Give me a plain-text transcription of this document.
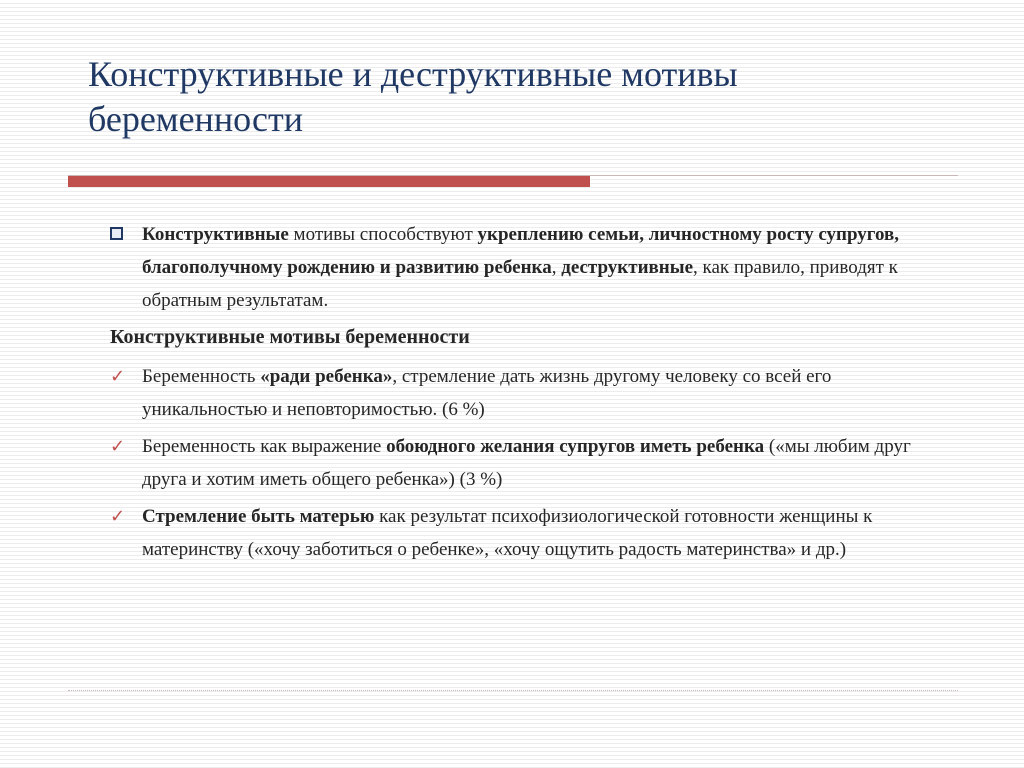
Конструктивные и деструктивные мотивы беременности
Конструктивные мотивы способствуют укреплению семьи, личностному росту супругов, благополучному рождению и развитию ребенка, деструктивные, как правило, приводят к обратным результатам.
Конструктивные мотивы беременности
✓ Беременность «ради ребенка», стремление дать жизнь другому человеку со всей его уникальностью и неповторимостью. (6 %)
✓ Беременность как выражение обоюдного желания супругов иметь ребенка («мы любим друг друга и хотим иметь общего ребенка») (3 %)
✓ Стремление быть матерью как результат психофизиологической готовности женщины к материнству («хочу заботиться о ребенке», «хочу ощутить радость материнства» и др.)
